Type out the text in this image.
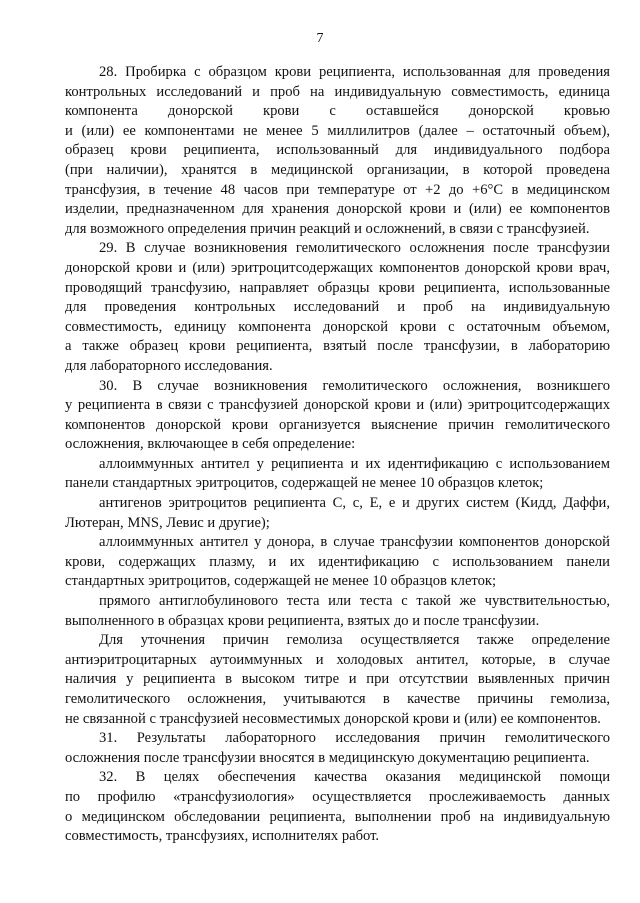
7
28. Пробирка с образцом крови реципиента, использованная для проведения
контрольных исследований и проб на индивидуальную совместимость, единица
компонента донорской крови с оставшейся донорской кровью
и (или) ее компонентами не менее 5 миллилитров (далее – остаточный объем),
образец крови реципиента, использованный для индивидуального подбора
(при наличии), хранятся в медицинской организации, в которой проведена
трансфузия, в течение 48 часов при температуре от +2 до +6°С в медицинском
изделии, предназначенном для хранения донорской крови и (или) ее компонентов
для возможного определения причин реакций и осложнений, в связи с трансфузией.
29. В случае возникновения гемолитического осложнения после трансфузии
донорской крови и (или) эритроцитсодержащих компонентов донорской крови врач,
проводящий трансфузию, направляет образцы крови реципиента, использованные
для проведения контрольных исследований и проб на индивидуальную
совместимость, единицу компонента донорской крови с остаточным объемом,
а также образец крови реципиента, взятый после трансфузии, в лабораторию
для лабораторного исследования.
30. В случае возникновения гемолитического осложнения, возникшего
у реципиента в связи с трансфузией донорской крови и (или) эритроцитсодержащих
компонентов донорской крови организуется выяснение причин гемолитического
осложнения, включающее в себя определение:
аллоиммунных антител у реципиента и их идентификацию с использованием
панели стандартных эритроцитов, содержащей не менее 10 образцов клеток;
антигенов эритроцитов реципиента С, с, Е, е и других систем (Кидд, Даффи,
Лютеран, MNS, Левис и другие);
аллоиммунных антител у донора, в случае трансфузии компонентов донорской
крови, содержащих плазму, и их идентификацию с использованием панели
стандартных эритроцитов, содержащей не менее 10 образцов клеток;
прямого антиглобулинового теста или теста с такой же чувствительностью,
выполненного в образцах крови реципиента, взятых до и после трансфузии.
Для уточнения причин гемолиза осуществляется также определение
антиэритроцитарных аутоиммунных и холодовых антител, которые, в случае
наличия у реципиента в высоком титре и при отсутствии выявленных причин
гемолитического осложнения, учитываются в качестве причины гемолиза,
не связанной с трансфузией несовместимых донорской крови и (или) ее компонентов.
31. Результаты лабораторного исследования причин гемолитического
осложнения после трансфузии вносятся в медицинскую документацию реципиента.
32. В целях обеспечения качества оказания медицинской помощи
по профилю «трансфузиология» осуществляется прослеживаемость данных
о медицинском обследовании реципиента, выполнении проб на индивидуальную
совместимость, трансфузиях, исполнителях работ.
